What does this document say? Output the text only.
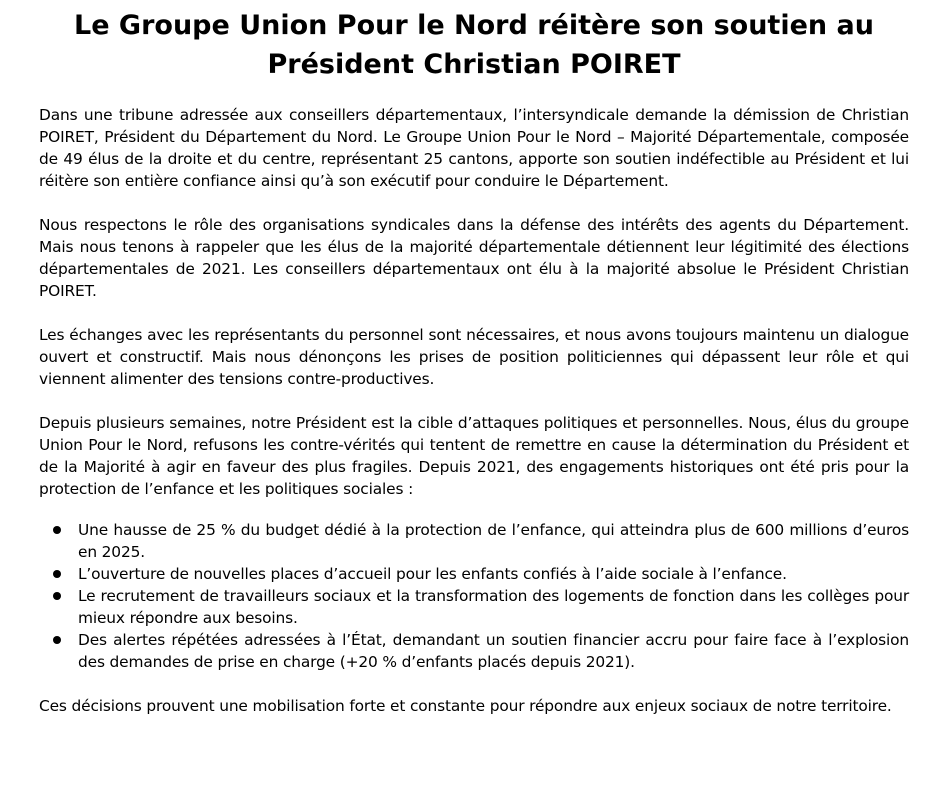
Le Groupe Union Pour le Nord réitère son soutien au
Président Christian POIRET

Dans une tribune adressée aux conseillers départementaux, l’intersyndicale demande la démission de Christian POIRET, Président du Département du Nord. Le Groupe Union Pour le Nord – Majorité Départementale, composée de 49 élus de la droite et du centre, représentant 25 cantons, apporte son soutien indéfectible au Président et lui réitère son entière confiance ainsi qu’à son exécutif pour conduire le Département.

Nous respectons le rôle des organisations syndicales dans la défense des intérêts des agents du Département. Mais nous tenons à rappeler que les élus de la majorité départementale détiennent leur légitimité des élections départementales de 2021. Les conseillers départementaux ont élu à la majorité absolue le Président Christian POIRET.

Les échanges avec les représentants du personnel sont nécessaires, et nous avons toujours maintenu un dialogue ouvert et constructif. Mais nous dénonçons les prises de position politiciennes qui dépassent leur rôle et qui viennent alimenter des tensions contre-productives.

Depuis plusieurs semaines, notre Président est la cible d’attaques politiques et personnelles. Nous, élus du groupe Union Pour le Nord, refusons les contre-vérités qui tentent de remettre en cause la détermination du Président et de la Majorité à agir en faveur des plus fragiles. Depuis 2021, des engagements historiques ont été pris pour la protection de l’enfance et les politiques sociales :

Une hausse de 25 % du budget dédié à la protection de l’enfance, qui atteindra plus de 600 millions d’euros en 2025.
L’ouverture de nouvelles places d’accueil pour les enfants confiés à l’aide sociale à l’enfance.
Le recrutement de travailleurs sociaux et la transformation des logements de fonction dans les collèges pour mieux répondre aux besoins.
Des alertes répétées adressées à l’État, demandant un soutien financier accru pour faire face à l’explosion des demandes de prise en charge (+20 % d’enfants placés depuis 2021).

Ces décisions prouvent une mobilisation forte et constante pour répondre aux enjeux sociaux de notre territoire.
